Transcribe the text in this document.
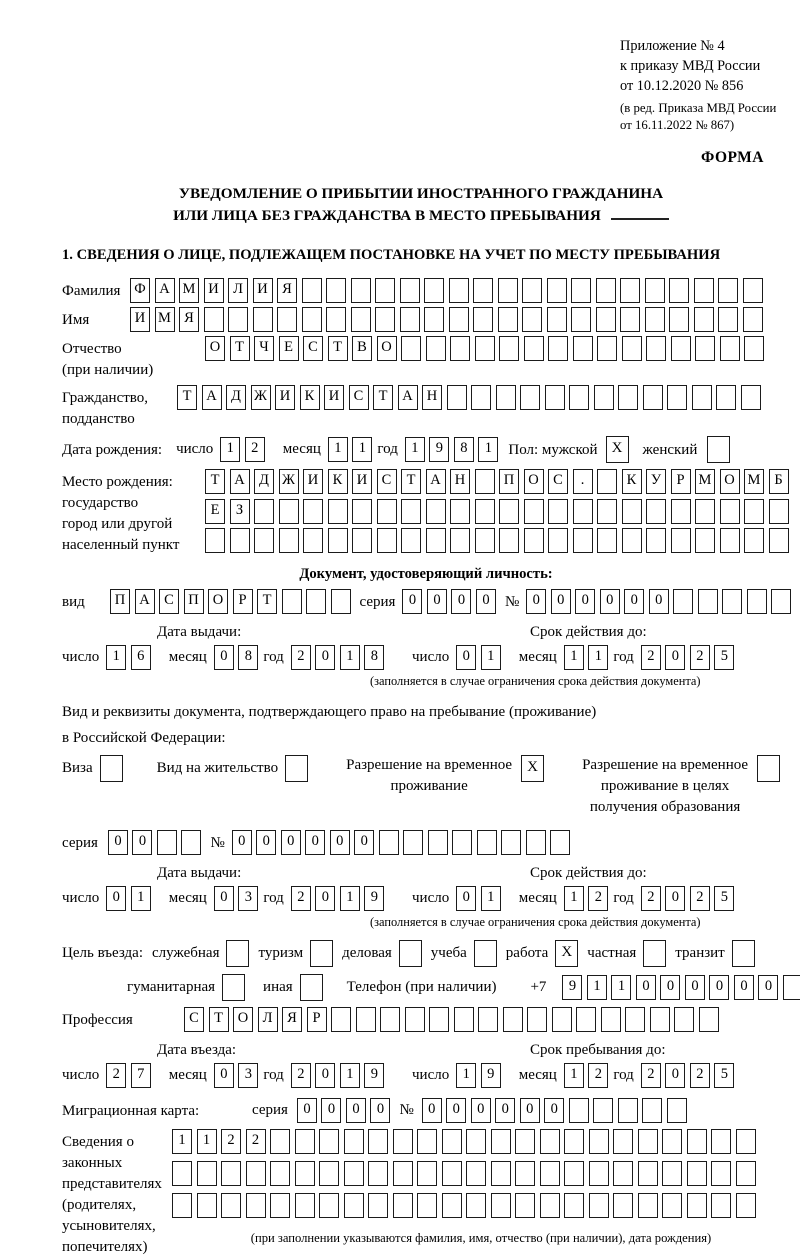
Приложение № 4
к приказу МВД России
от 10.12.2020 № 856
(в ред. Приказа МВД России
от 16.11.2022 № 867)
ФОРМА
УВЕДОМЛЕНИЕ О ПРИБЫТИИ ИНОСТРАННОГО ГРАЖДАНИНА
ИЛИ ЛИЦА БЕЗ ГРАЖДАНСТВА В МЕСТО ПРЕБЫВАНИЯ
1. СВЕДЕНИЯ О ЛИЦЕ, ПОДЛЕЖАЩЕМ ПОСТАНОВКЕ НА УЧЕТ ПО МЕСТУ ПРЕБЫВАНИЯ
Фамилия Ф А М И Л И Я
Имя	И М Я
Отчество
(при наличии)
О	Т	Ч	Е	С	Т	В О
Гражданство,
подданство
Т	А Д Ж И К И С	Т	А Н
Дата рождения: число 1	2	месяц 1	1 год 1	9	8	1	Пол: мужской X	женский
Место рождения:
государство
город или другой
населенный пункт
Т	А Д Ж И К И С	Т	А Н	П О С	.	К	У	Р М О М Б
Е	З
Документ, удостоверяющий личность:
вид	П А С П О	Р	Т	серия 0	0	0	0	№ 0	0	0	0	0	0
Дата выдачи:
число 1	6	месяц 0	8 год 2	0	1	8
Срок действия до:
число 0	1	месяц 1	1 год 2	0	2	5
(заполняется в случае ограничения срока действия документа)
Вид и реквизиты документа, подтверждающего право на пребывание (проживание)
в Российской Федерации:
Виза	Вид на жительство	Разрешение на временное
проживание
X	Разрешение на временное
проживание в целях
получения образования
серия	0	0	№ 0	0	0	0	0	0
Дата выдачи:
число 0	1	месяц 0	3 год 2	0	1	9
Срок действия до:
число 0	1	месяц 1	2 год 2	0	2	5
(заполняется в случае ограничения срока действия документа)
Цель въезда: служебная	туризм	деловая	учеба	работа X	частная	транзит
гуманитарная	иная	Телефон (при наличии) +7	9	1	1	0	0	0	0	0	0
Профессия	С	Т	О Л	Я	Р
Дата въезда:
число 2	7	месяц 0	3 год 2	0	1	9
Срок пребывания до:
число 1	9	месяц 1	2 год 2	0	2	5
Миграционная карта:	серия	0	0	0	0	№ 0	0	0	0	0	0
Сведения о
законных
представителях
(родителях,
усыновителях,
попечителях)
1	1	2	2
(при заполнении указываются фамилия, имя, отчество (при наличии), дата рождения)
